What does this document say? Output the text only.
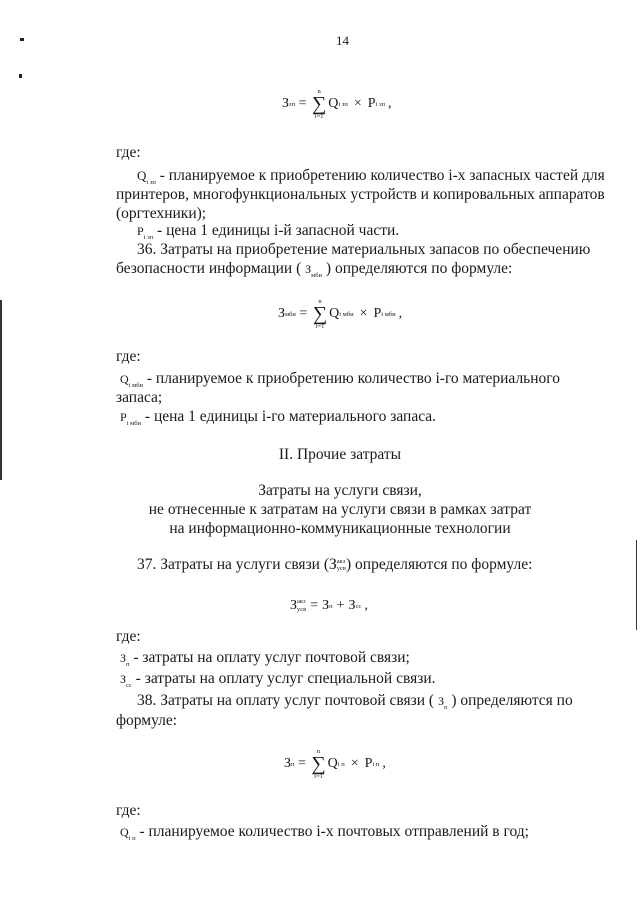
14
З зп =
n
∑
i=1
Q i зп × P i зп ,
где:
$Q_{i зп}$ - планируемое к приобретению количество i-х запасных частей для
принтеров, многофункциональных устройств и копировальных аппаратов
(оргтехники);
$P_{i зп}$ - цена 1 единицы i-й запасной части.
36. Затраты на приобретение материальных запасов по обеспечению
безопасности информации ( $З_{мби}$ ) определяются по формуле:
З мби =
n
∑
i=1
Q i мби × P i мби ,
где:
$Q_{i мби}$ - планируемое к приобретению количество i-го материального
запаса;
$P_{i мби}$ - цена 1 единицы i-го материального запаса.
II. Прочие затраты
Затраты на услуги связи,
не отнесенные к затратам на услуги связи в рамках затрат
на информационно-коммуникационные технологии
37. Затраты на услуги связи (З акз
усв ) определяются по формуле:
З акз
усв = З п + З сс ,
где:
$З_п$ - затраты на оплату услуг почтовой связи;
$З_{сс}$ - затраты на оплату услуг специальной связи.
38. Затраты на оплату услуг почтовой связи ( $З_п$ ) определяются по
формуле:
З п =
n
∑
i=1
Q i п × P i п ,
где:
$Q_{i п}$ - планируемое количество i-х почтовых отправлений в год;
